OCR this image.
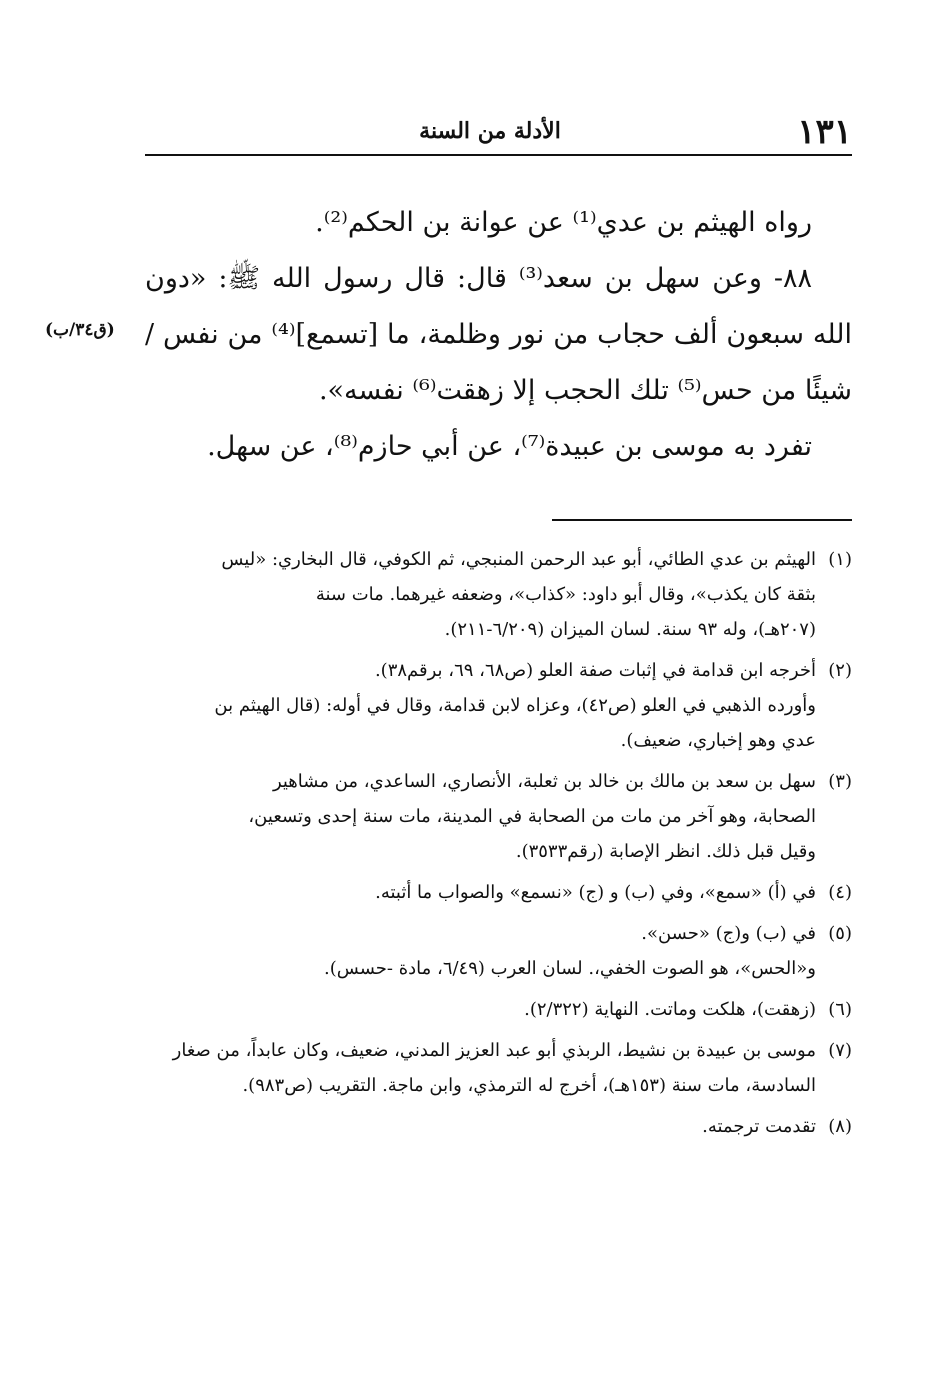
١٣١
الأدلة من السنة
(ق٣٤/ب)

رواه الهيثم بن عدي⁽¹⁾ عن عوانة بن الحكم⁽²⁾.

٨٨- وعن سهل بن سعد⁽³⁾ قال: قال رسول الله ﷺ: «دون الله سبعون ألف حجاب من نور وظلمة، ما [تسمع]⁽⁴⁾ من نفس / شيئًا من حس⁽⁵⁾ تلك الحجب إلا زهقت⁽⁶⁾ نفسه».

تفرد به موسى بن عبيدة⁽⁷⁾، عن أبي حازم⁽⁸⁾، عن سهل.

(١)الهيثم بن عدي الطائي، أبو عبد الرحمن المنبجي، ثم الكوفي، قال البخاري: «ليس
بثقة كان يكذب»، وقال أبو داود: «كذاب»، وضعفه غيرهما. مات سنة
(٢٠٧هـ)، وله ٩٣ سنة. لسان الميزان (٦/٢٠٩-٢١١).
(٢)أخرجه ابن قدامة في إثبات صفة العلو (ص٦٨، ٦٩، برقم٣٨).
وأورده الذهبي في العلو (ص٤٢)، وعزاه لابن قدامة، وقال في أوله: (قال الهيثم بن
عدي وهو إخباري، ضعيف).
(٣)سهل بن سعد بن مالك بن خالد بن ثعلبة، الأنصاري، الساعدي، من مشاهير
الصحابة، وهو آخر من مات من الصحابة في المدينة، مات سنة إحدى وتسعين،
وقيل قبل ذلك. انظر الإصابة (رقم٣٥٣٣).
(٤)في (أ) «سمع»، وفي (ب) و (ج) «نسمع» والصواب ما أثبته.
(٥)في (ب) و(ج) «حسن».
و«الحس»، هو الصوت الخفي،. لسان العرب (٦/٤٩، مادة -حسس).
(٦)(زهقت)، هلكت وماتت. النهاية (٢/٣٢٢).
(٧)موسى بن عبيدة بن نشيط، الربذي أبو عبد العزيز المدني، ضعيف، وكان عابداً، من صغار
السادسة، مات سنة (١٥٣هـ)، أخرج له الترمذي، وابن ماجة. التقريب (ص٩٨٣).
(٨)تقدمت ترجمته.
